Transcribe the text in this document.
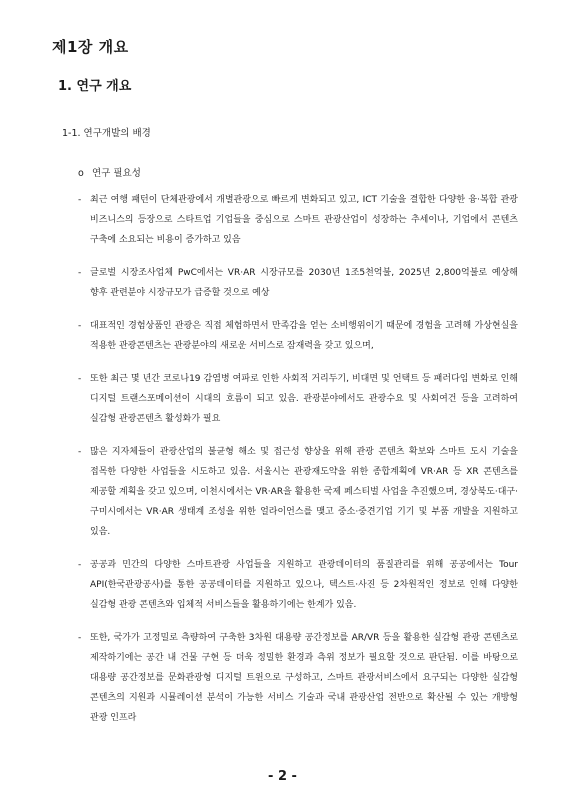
제1장 개요
1. 연구 개요
1-1. 연구개발의 배경
o 연구 필요성
- 최근 여행 패턴이 단체관광에서 개별관광으로 빠르게 변화되고 있고, ICT 기술을 결합한 다양한 융·복합 관광 비즈니스의 등장으로 스타트업 기업들을 중심으로 스마트 관광산업이 성장하는 추세이나, 기업에서 콘텐츠 구축에 소요되는 비용이 증가하고 있음
- 글로벌 시장조사업체 PwC에서는 VR·AR 시장규모를 2030년 1조5천억불, 2025년 2,800억불로 예상해 향후 관련분야 시장규모가 급증할 것으로 예상
- 대표적인 경험상품인 관광은 직접 체험하면서 만족감을 얻는 소비행위이기 때문에 경험을 고려해 가상현실을 적용한 관광콘텐츠는 관광분야의 새로운 서비스로 잠재력을 갖고 있으며,
- 또한 최근 몇 년간 코로나19 감염병 여파로 인한 사회적 거리두기, 비대면 및 언택트 등 패러다임 변화로 인해 디지털 트랜스포메이션이 시대의 흐름이 되고 있음. 관광분야에서도 관광수요 및 사회여건 등을 고려하여 실감형 관광콘텐츠 활성화가 필요
- 많은 지자체들이 관광산업의 불균형 해소 및 접근성 향상을 위해 관광 콘텐츠 확보와 스마트 도시 기술을 접목한 다양한 사업들을 시도하고 있음. 서울시는 관광재도약을 위한 종합계획에 VR·AR 등 XR 콘텐츠를 제공할 계획을 갖고 있으며, 이천시에서는 VR·AR을 활용한 국제 페스티벌 사업을 추진했으며, 경상북도·대구·구미시에서는 VR·AR 생태계 조성을 위한 얼라이언스를 맺고 중소·중견기업 기기 및 부품 개발을 지원하고 있음.
- 공공과 민간의 다양한 스마트관광 사업들을 지원하고 관광데이터의 품질관리를 위해 공공에서는 Tour API(한국관광공사)를 통한 공공데이터를 지원하고 있으나, 텍스트·사진 등 2차원적인 정보로 인해 다양한 실감형 관광 콘텐츠와 입체적 서비스들을 활용하기에는 한계가 있음.
- 또한, 국가가 고정밀로 측량하여 구축한 3차원 대용량 공간정보를 AR/VR 등을 활용한 실감형 관광 콘텐츠로 제작하기에는 공간 내 건물 구현 등 더욱 정밀한 환경과 측위 정보가 필요할 것으로 판단됨. 이를 바탕으로 대용량 공간정보를 문화관광형 디지털 트윈으로 구성하고, 스마트 관광서비스에서 요구되는 다양한 실감형 콘텐츠의 지원과 시뮬레이션 분석이 가능한 서비스 기술과 국내 관광산업 전반으로 확산될 수 있는 개방형 관광 인프라
- 2 -
